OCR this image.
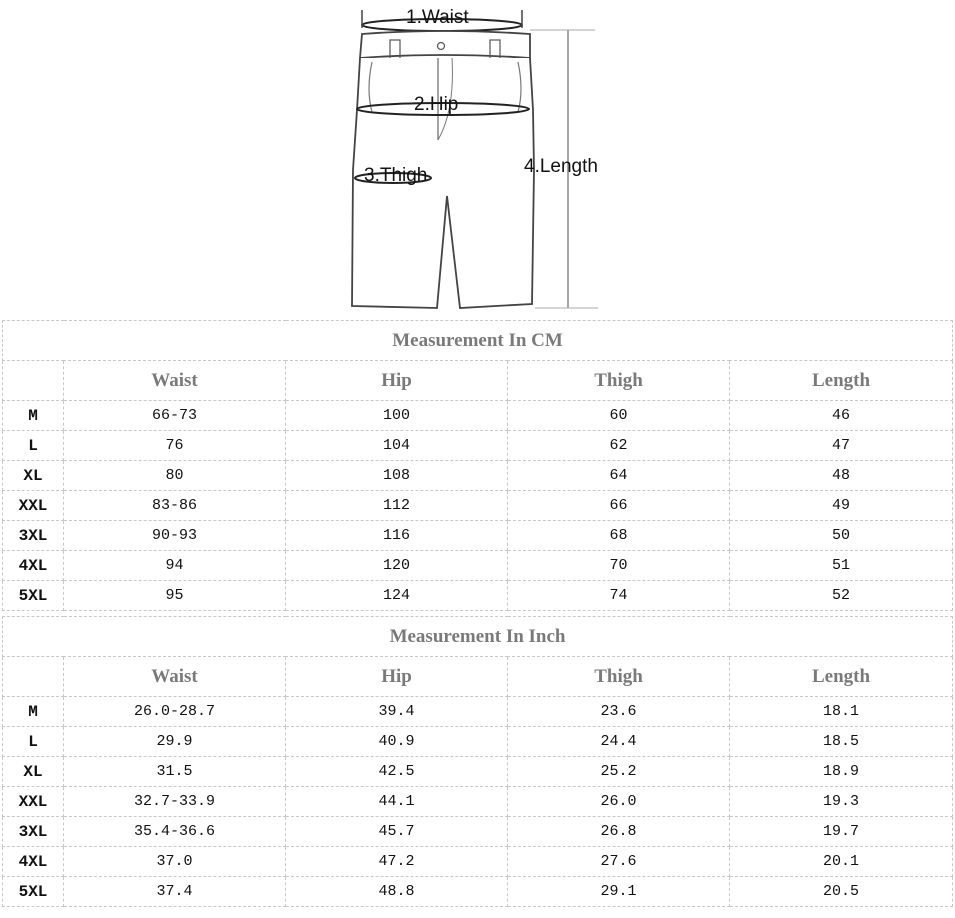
1.Waist
2.Hip
3.Thigh	4.Length
Measurement In CM				
	Waist	Hip	Thigh	Length
M	66-73	100	60	46
L	76	104	62	47
XL	80	108	64	48
XXL	83-86	112	66	49
3XL	90-93	116	68	50
4XL	94	120	70	51
5XL	95	124	74	52
Measurement In Inch				
	Waist	Hip	Thigh	Length
M	26.0-28.7	39.4	23.6	18.1
L	29.9	40.9	24.4	18.5
XL	31.5	42.5	25.2	18.9
XXL	32.7-33.9	44.1	26.0	19.3
3XL	35.4-36.6	45.7	26.8	19.7
4XL	37.0	47.2	27.6	20.1
5XL	37.4	48.8	29.1	20.5
